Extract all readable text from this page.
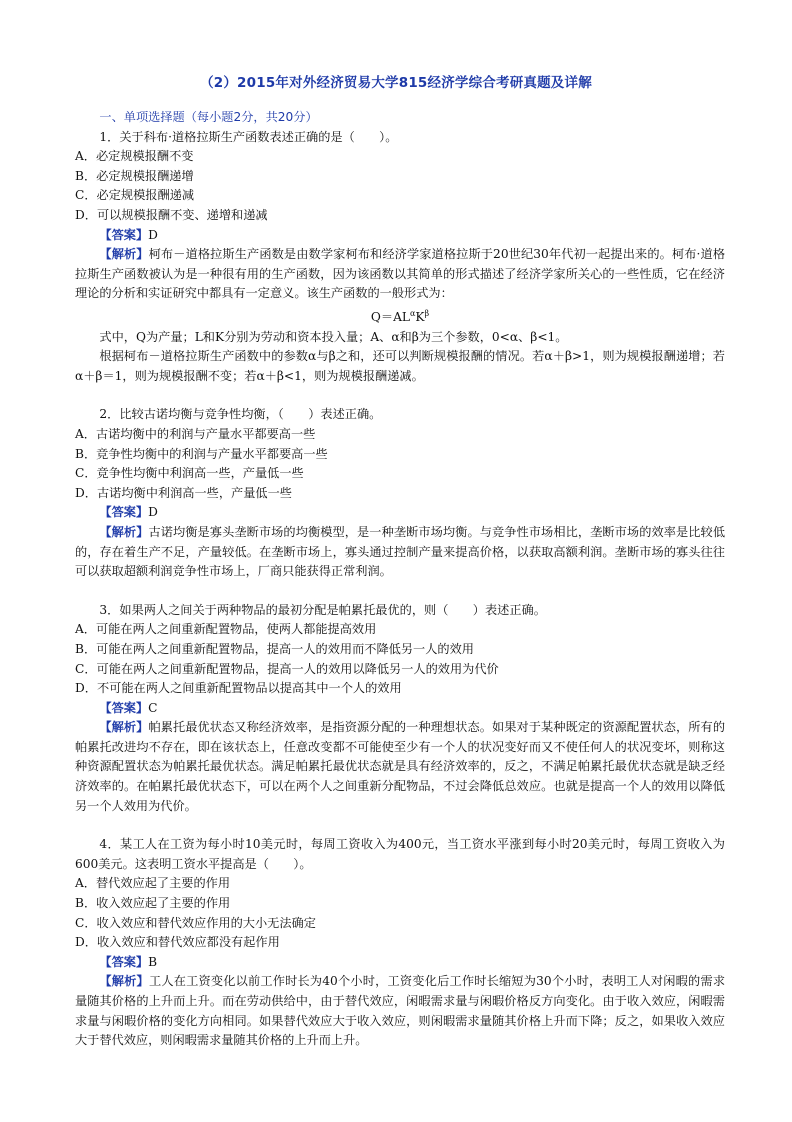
（2）2015年对外经济贸易大学815经济学综合考研真题及详解

一、单项选择题（每小题2分，共20分）

1．关于科布·道格拉斯生产函数表述正确的是（　　）。

A．必定规模报酬不变

B．必定规模报酬递增

C．必定规模报酬递减

D．可以规模报酬不变、递增和递减

【答案】D

【解析】柯布－道格拉斯生产函数是由数学家柯布和经济学家道格拉斯于20世纪30年代初一起提出来的。柯布·道格拉斯生产函数被认为是一种很有用的生产函数，因为该函数以其简单的形式描述了经济学家所关心的一些性质，它在经济理论的分析和实证研究中都具有一定意义。该生产函数的一般形式为：

$Q=AL^\alpha K^\beta$

式中，Q为产量；L和K分别为劳动和资本投入量；A、α和β为三个参数，0<α、β<1。

根据柯布－道格拉斯生产函数中的参数α与β之和，还可以判断规模报酬的情况。若α＋β>1，则为规模报酬递增；若α＋β＝1，则为规模报酬不变；若α＋β<1，则为规模报酬递减。

2．比较古诺均衡与竞争性均衡，（　　）表述正确。

A．古诺均衡中的利润与产量水平都要高一些

B．竞争性均衡中的利润与产量水平都要高一些

C．竞争性均衡中利润高一些，产量低一些

D．古诺均衡中利润高一些，产量低一些

【答案】D

【解析】古诺均衡是寡头垄断市场的均衡模型，是一种垄断市场均衡。与竞争性市场相比，垄断市场的效率是比较低的，存在着生产不足，产量较低。在垄断市场上，寡头通过控制产量来提高价格，以获取高额利润。垄断市场的寡头往往可以获取超额利润竞争性市场上，厂商只能获得正常利润。

3．如果两人之间关于两种物品的最初分配是帕累托最优的，则（　　）表述正确。

A．可能在两人之间重新配置物品，使两人都能提高效用

B．可能在两人之间重新配置物品，提高一人的效用而不降低另一人的效用

C．可能在两人之间重新配置物品，提高一人的效用以降低另一人的效用为代价

D．不可能在两人之间重新配置物品以提高其中一个人的效用

【答案】C

【解析】帕累托最优状态又称经济效率，是指资源分配的一种理想状态。如果对于某种既定的资源配置状态，所有的帕累托改进均不存在，即在该状态上，任意改变都不可能使至少有一个人的状况变好而又不使任何人的状况变坏，则称这种资源配置状态为帕累托最优状态。满足帕累托最优状态就是具有经济效率的，反之，不满足帕累托最优状态就是缺乏经济效率的。在帕累托最优状态下，可以在两个人之间重新分配物品，不过会降低总效应。也就是提高一个人的效用以降低另一个人效用为代价。

4．某工人在工资为每小时10美元时，每周工资收入为400元，当工资水平涨到每小时20美元时，每周工资收入为600美元。这表明工资水平提高是（　　）。

A．替代效应起了主要的作用

B．收入效应起了主要的作用

C．收入效应和替代效应作用的大小无法确定

D．收入效应和替代效应都没有起作用

【答案】B

【解析】工人在工资变化以前工作时长为40个小时，工资变化后工作时长缩短为30个小时，表明工人对闲暇的需求量随其价格的上升而上升。而在劳动供给中，由于替代效应，闲暇需求量与闲暇价格反方向变化。由于收入效应，闲暇需求量与闲暇价格的变化方向相同。如果替代效应大于收入效应，则闲暇需求量随其价格上升而下降；反之，如果收入效应大于替代效应，则闲暇需求量随其价格的上升而上升。
